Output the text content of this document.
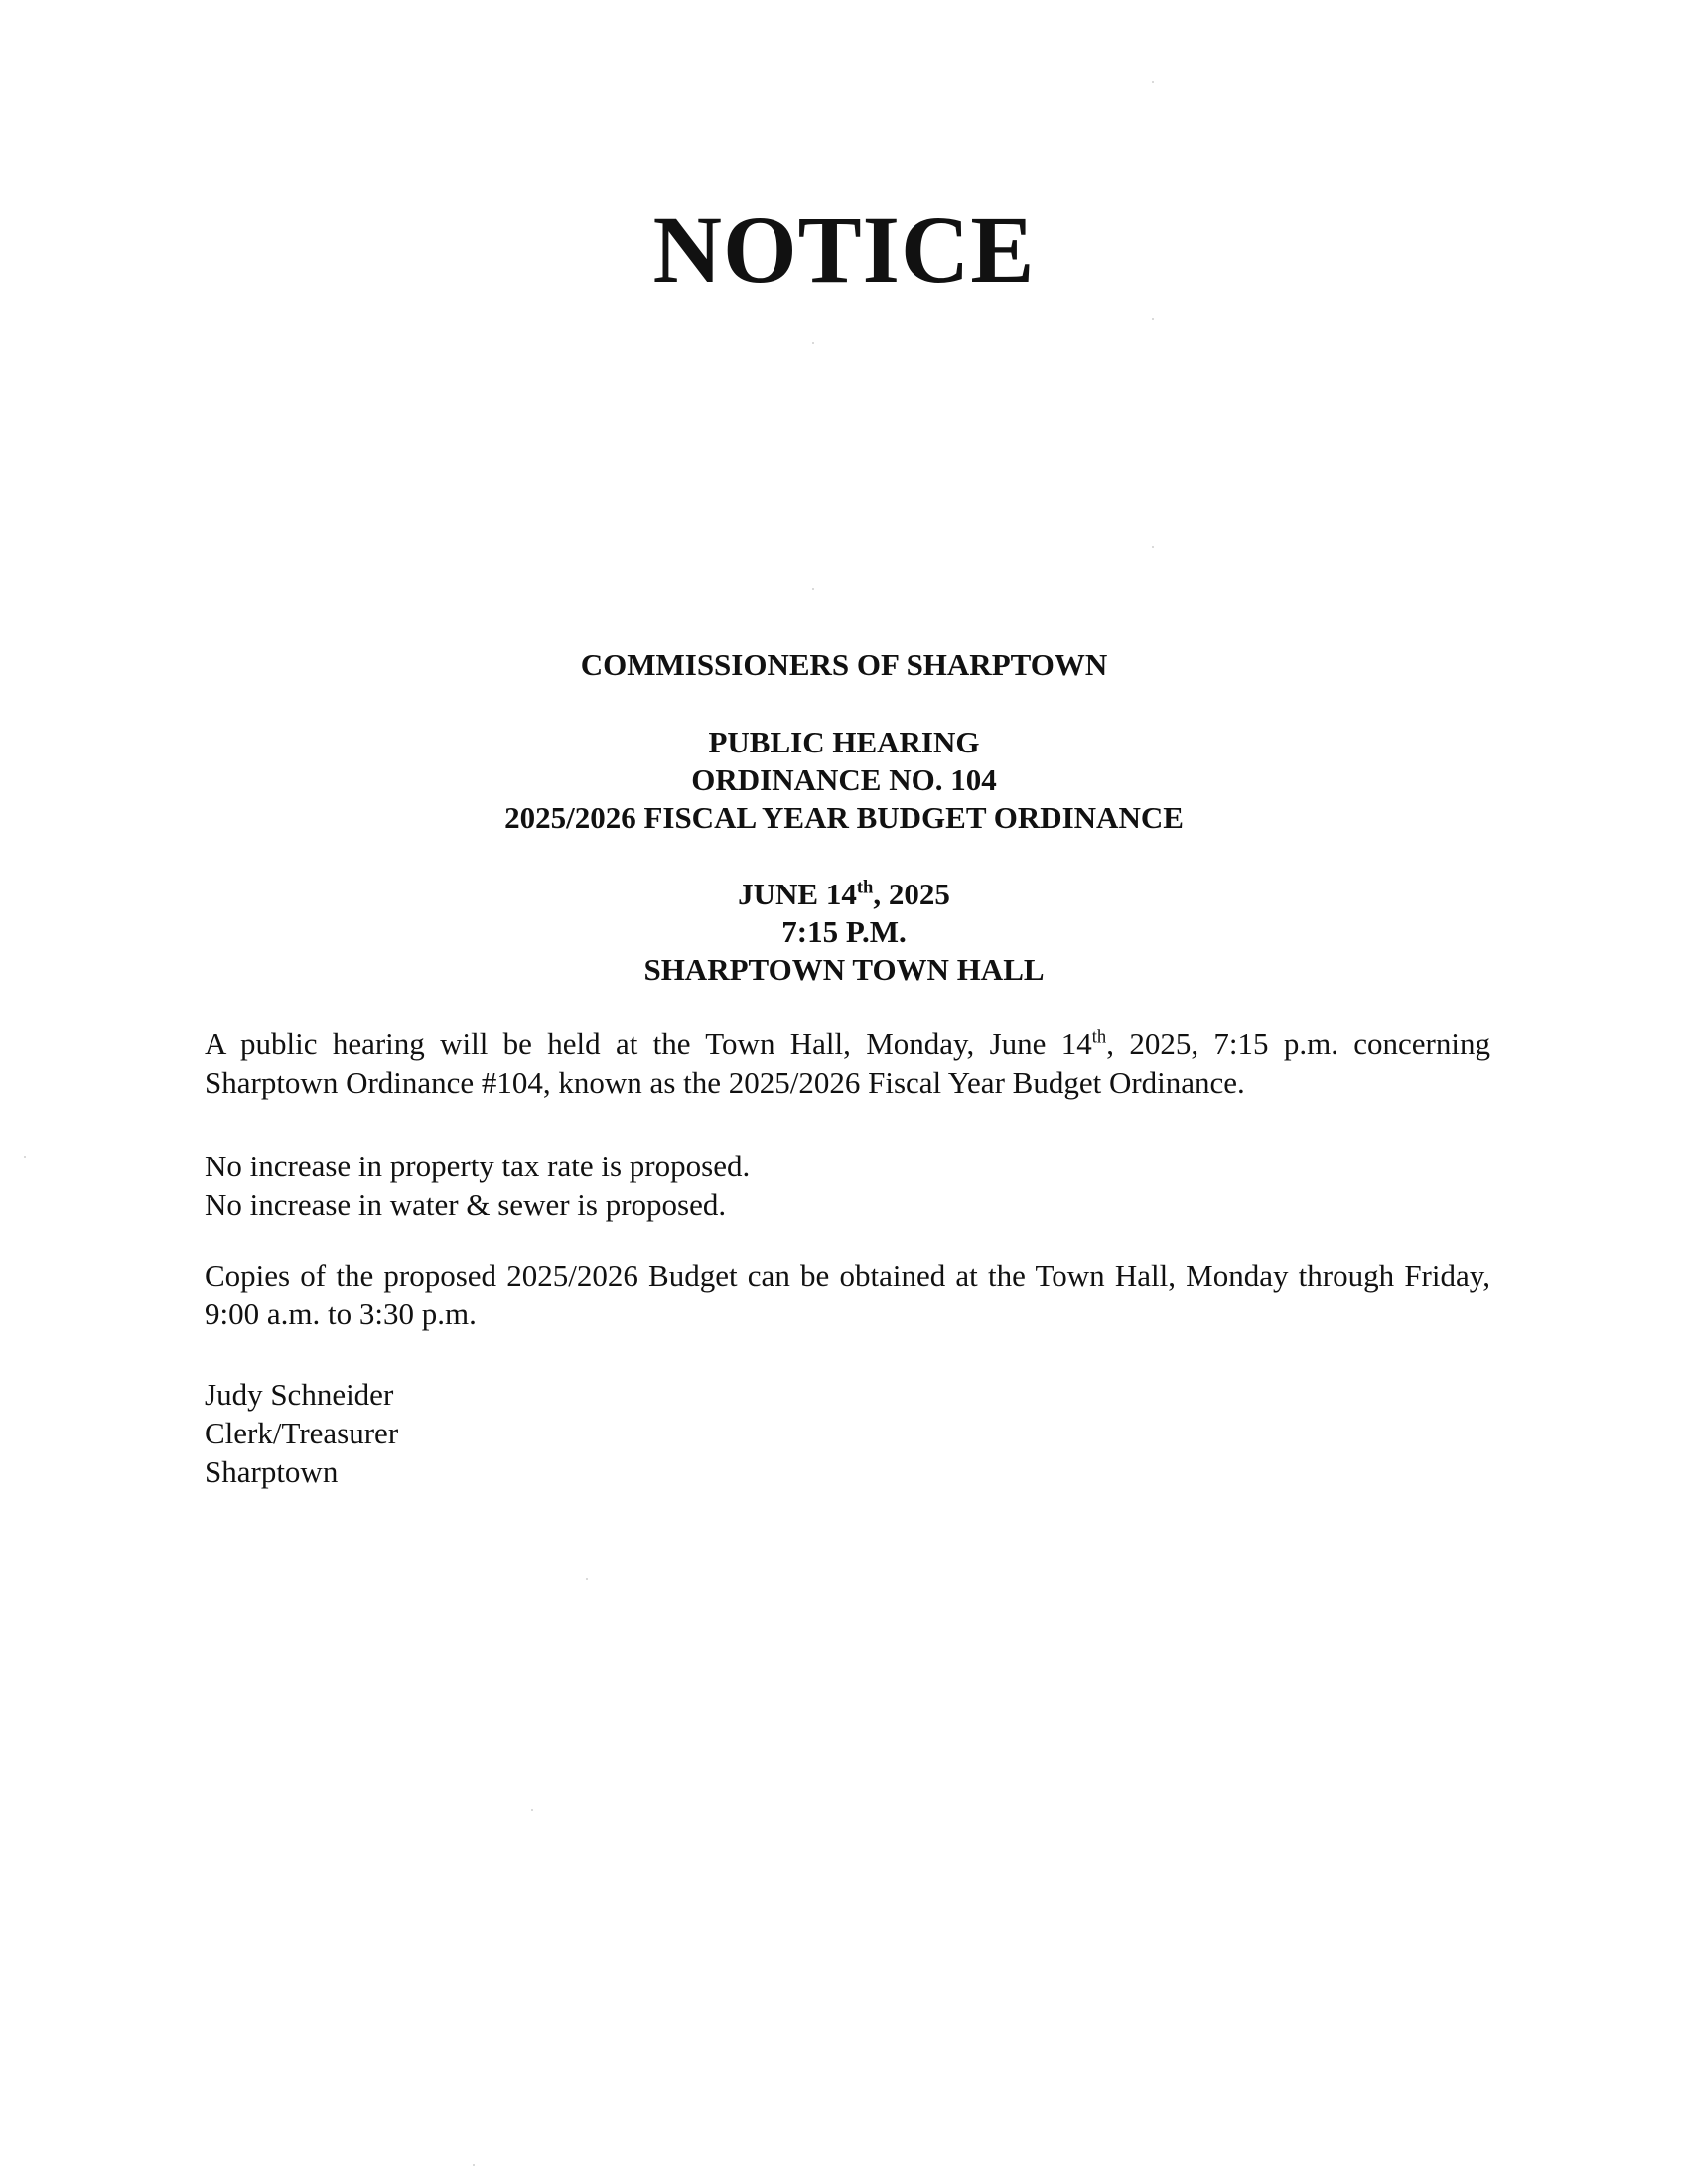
NOTICE
COMMISSIONERS OF SHARPTOWN
PUBLIC HEARING
ORDINANCE NO. 104
2025/2026 FISCAL YEAR BUDGET ORDINANCE
JUNE 14th, 2025
7:15 P.M.
SHARPTOWN TOWN HALL

A public hearing will be held at the Town Hall, Monday, June 14th, 2025, 7:15 p.m. concerning Sharptown Ordinance #104, known as the 2025/2026 Fiscal Year Budget Ordinance.

No increase in property tax rate is proposed.
No increase in water & sewer is proposed.

Copies of the proposed 2025/2026 Budget can be obtained at the Town Hall, Monday through Friday, 9:00 a.m. to 3:30 p.m.

Judy Schneider
Clerk/Treasurer
Sharptown
